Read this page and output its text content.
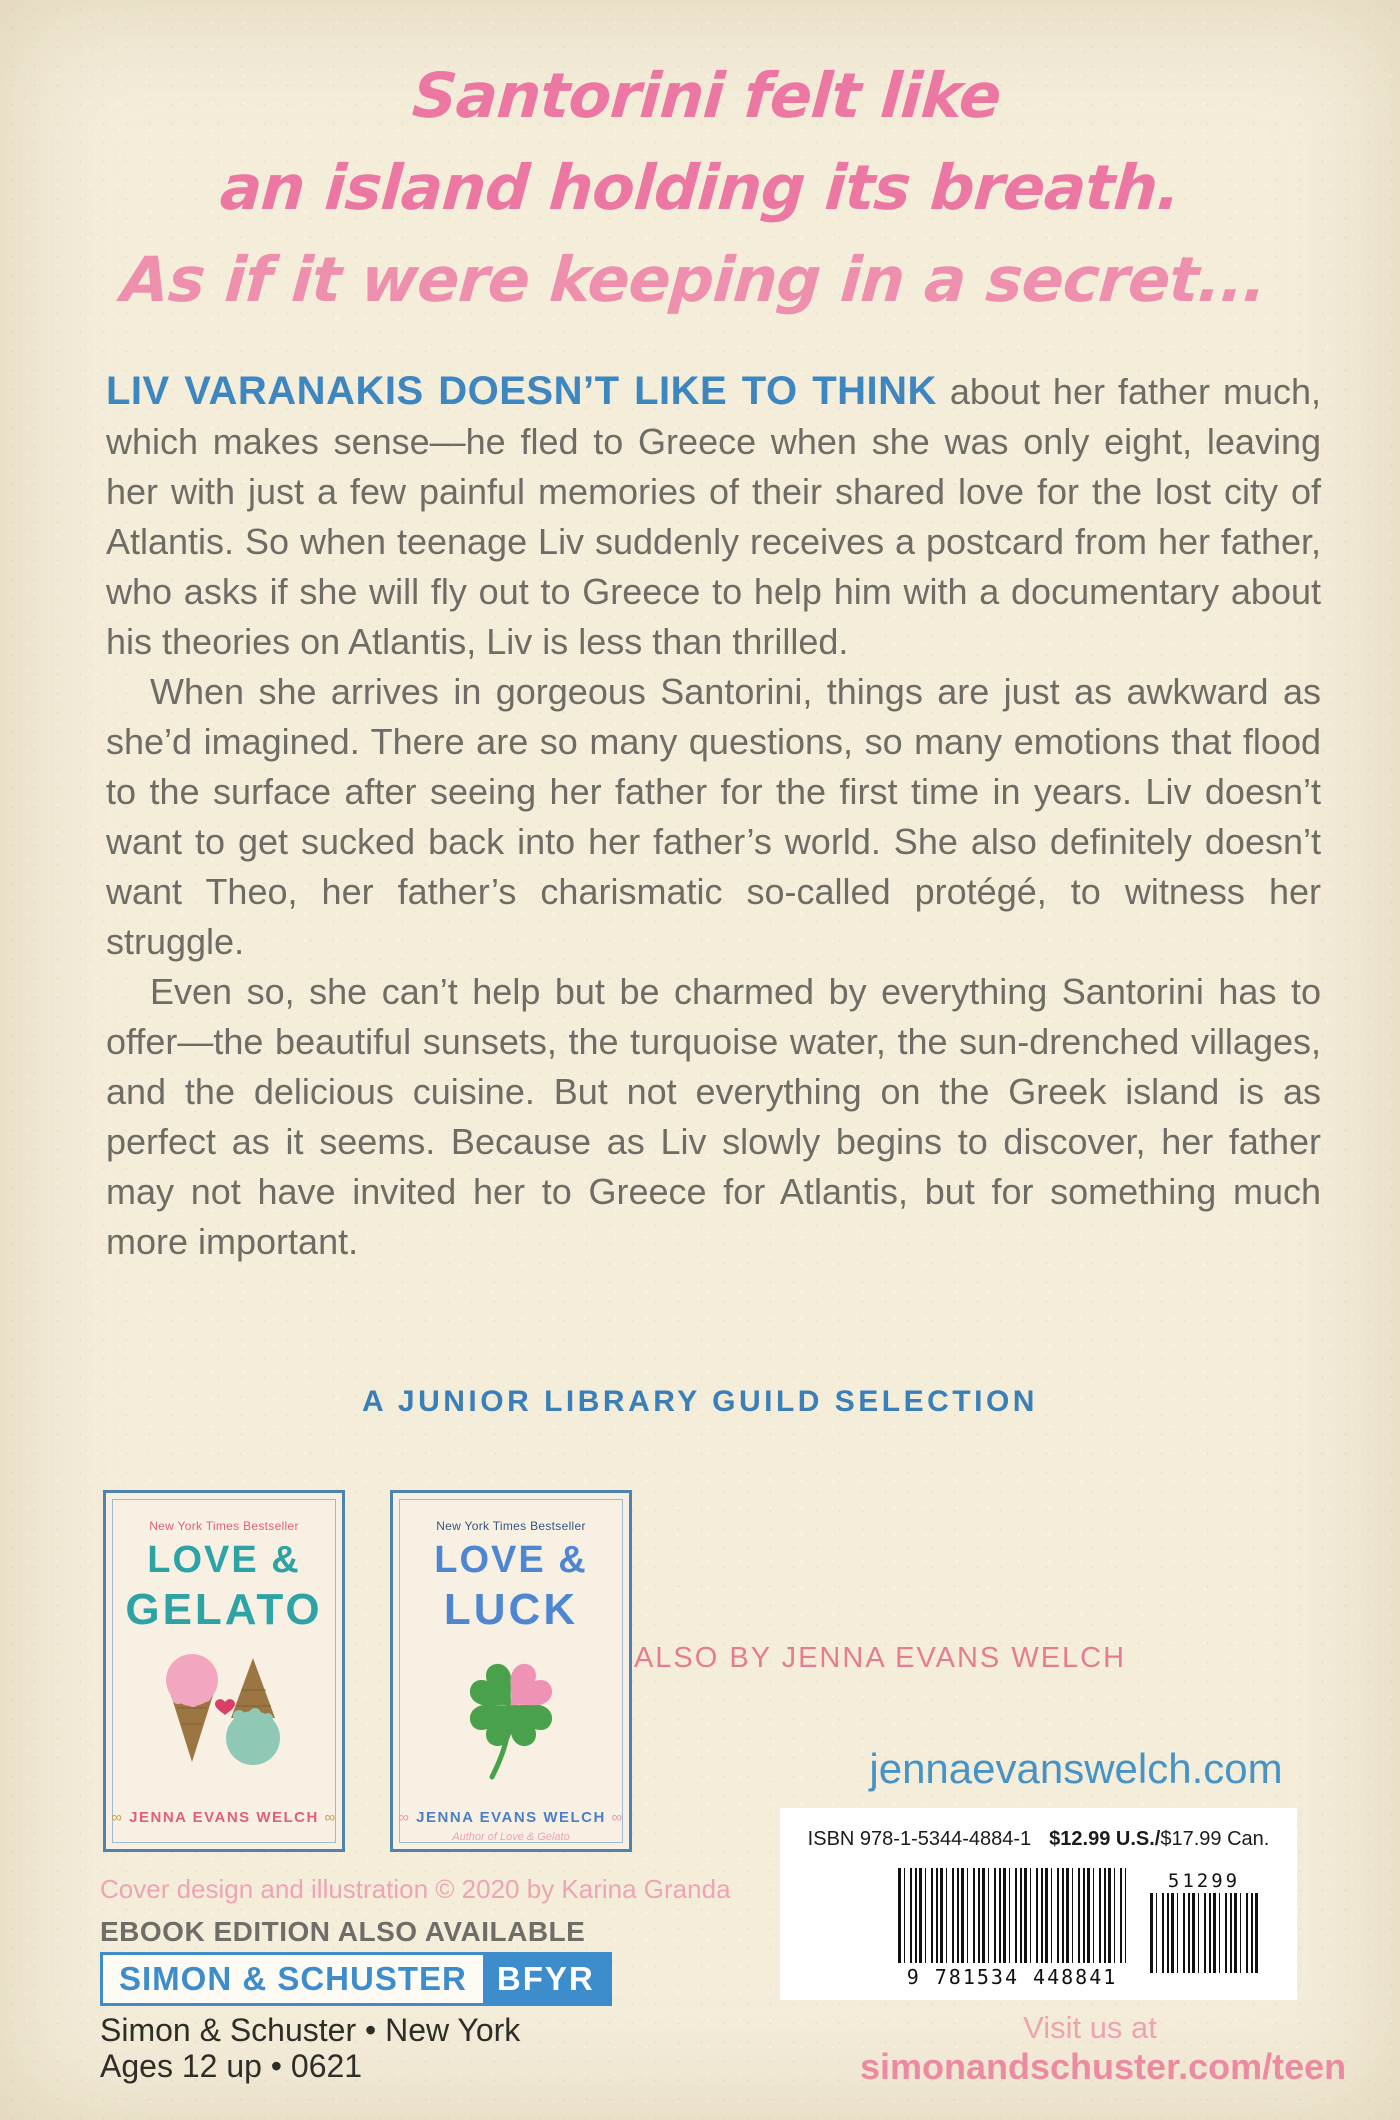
Santorini felt like
an island holding its breath.
As if it were keeping in a secret...

LIV VARANAKIS DOESN’T LIKE TO THINK about her father much, which makes sense—he fled to Greece when she was only eight, leaving her with just a few painful memories of their shared love for the lost city of Atlantis. So when teenage Liv suddenly receives a postcard from her father, who asks if she will fly out to Greece to help him with a documentary about his theories on Atlantis, Liv is less than thrilled.

When she arrives in gorgeous Santorini, things are just as awkward as she’d imagined. There are so many questions, so many emotions that flood to the surface after seeing her father for the first time in years. Liv doesn’t want to get sucked back into her father’s world. She also definitely doesn’t want Theo, her father’s charismatic so-called protégé, to witness her struggle.

Even so, she can’t help but be charmed by everything Santorini has to offer—the beautiful sunsets, the turquoise water, the sun-drenched villages, and the delicious cuisine. But not everything on the Greek island is as perfect as it seems. Because as Liv slowly begins to discover, her father may not have invited her to Greece for Atlantis, but for something much more important.

A JUNIOR LIBRARY GUILD SELECTION
New York Times Bestseller
LOVE &
GELATO
∞ JENNA EVANS WELCH ∞
New York Times Bestseller
LOVE &
LUCK
∞ JENNA EVANS WELCH ∞
Author of Love & Gelato
ALSO BY JENNA EVANS WELCH
jennaevanswelch.com
ISBN 978-1-5344-4884-1 $12.99 U.S./$17.99 Can.
9 781534 448841
51299
Visit us at
simonandschuster.com/teen
Cover design and illustration © 2020 by Karina Granda
EBOOK EDITION ALSO AVAILABLE
SIMON & SCHUSTER BFYR
Simon & Schuster • New York
Ages 12 up • 0621
